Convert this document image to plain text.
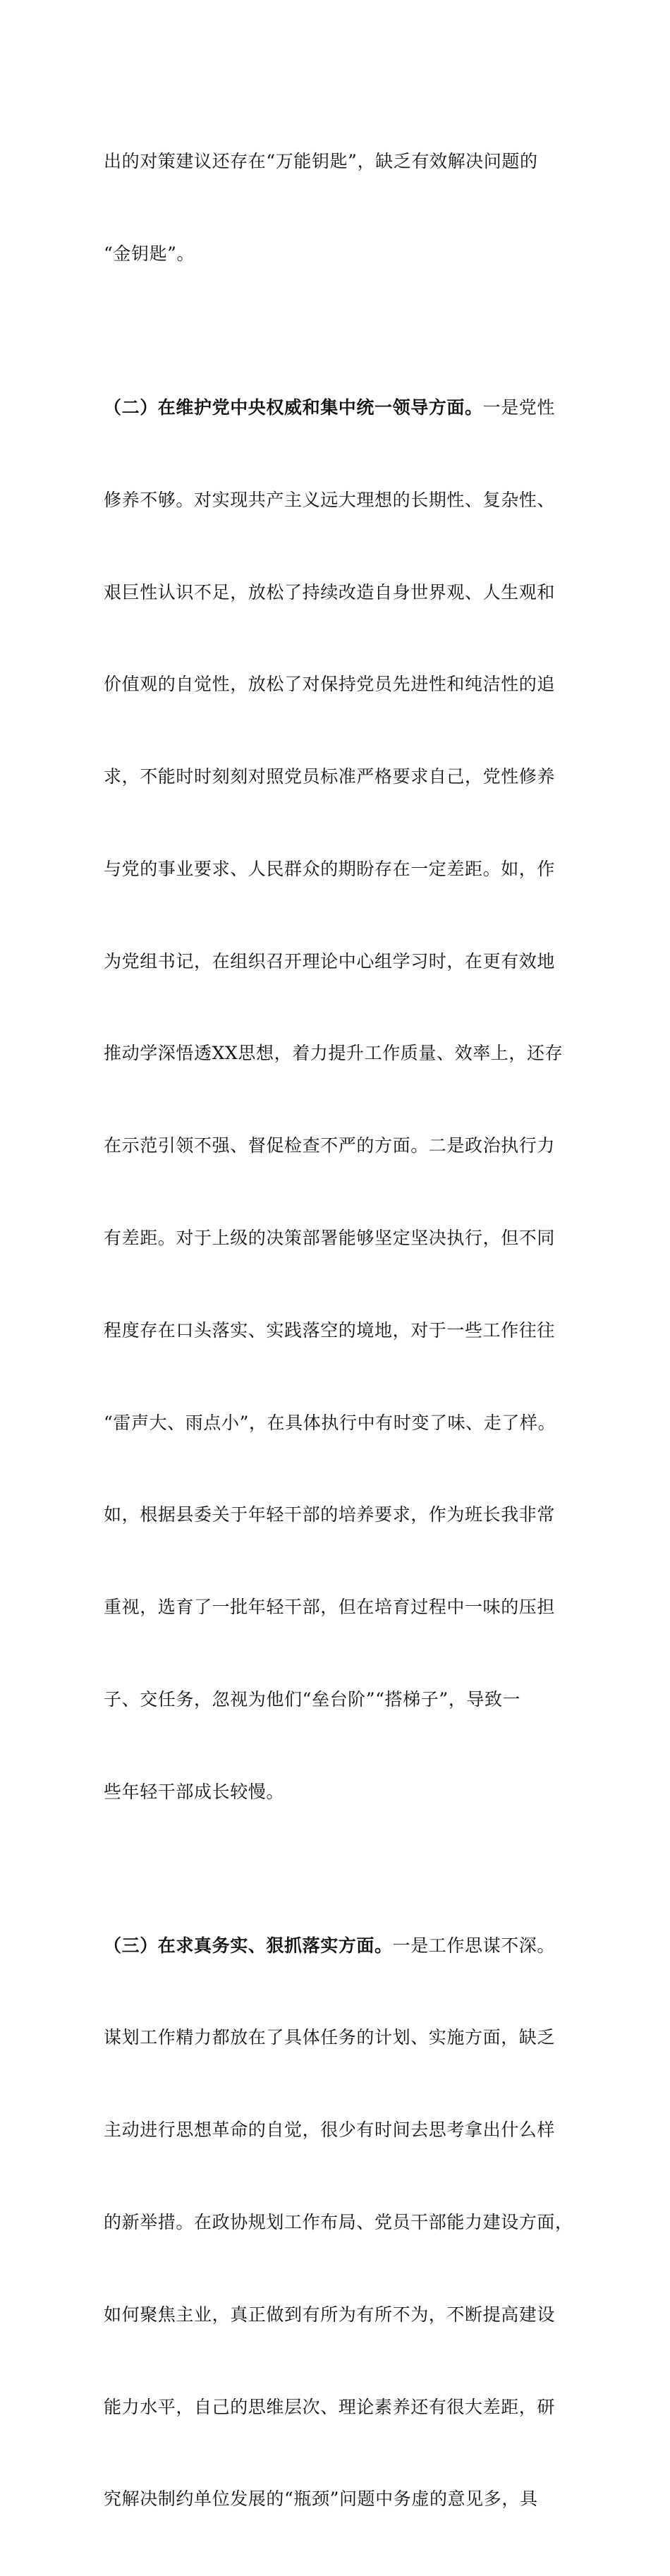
出的对策建议还存在“万能钥匙”，缺乏有效解决问题的

“金钥匙”。

（二）在维护党中央权威和集中统一领导方面。一是党性

修养不够。对实现共产主义远大理想的长期性、复杂性、

艰巨性认识不足，放松了持续改造自身世界观、人生观和

价值观的自觉性，放松了对保持党员先进性和纯洁性的追

求，不能时时刻刻对照党员标准严格要求自己，党性修养

与党的事业要求、人民群众的期盼存在一定差距。如，作

为党组书记，在组织召开理论中心组学习时，在更有效地

推动学深悟透XX思想，着力提升工作质量、效率上，还存

在示范引领不强、督促检查不严的方面。二是政治执行力

有差距。对于上级的决策部署能够坚定坚决执行，但不同

程度存在口头落实、实践落空的境地，对于一些工作往往

“雷声大、雨点小”，在具体执行中有时变了味、走了样。

如，根据县委关于年轻干部的培养要求，作为班长我非常

重视，选育了一批年轻干部，但在培育过程中一味的压担

子、交任务，忽视为他们“垒台阶”“搭梯子”，导致一

些年轻干部成长较慢。

（三）在求真务实、狠抓落实方面。一是工作思谋不深。

谋划工作精力都放在了具体任务的计划、实施方面，缺乏

主动进行思想革命的自觉，很少有时间去思考拿出什么样

的新举措。在政协规划工作布局、党员干部能力建设方面，

如何聚焦主业，真正做到有所为有所不为，不断提高建设

能力水平，自己的思维层次、理论素养还有很大差距，研

究解决制约单位发展的“瓶颈”问题中务虚的意见多，具
